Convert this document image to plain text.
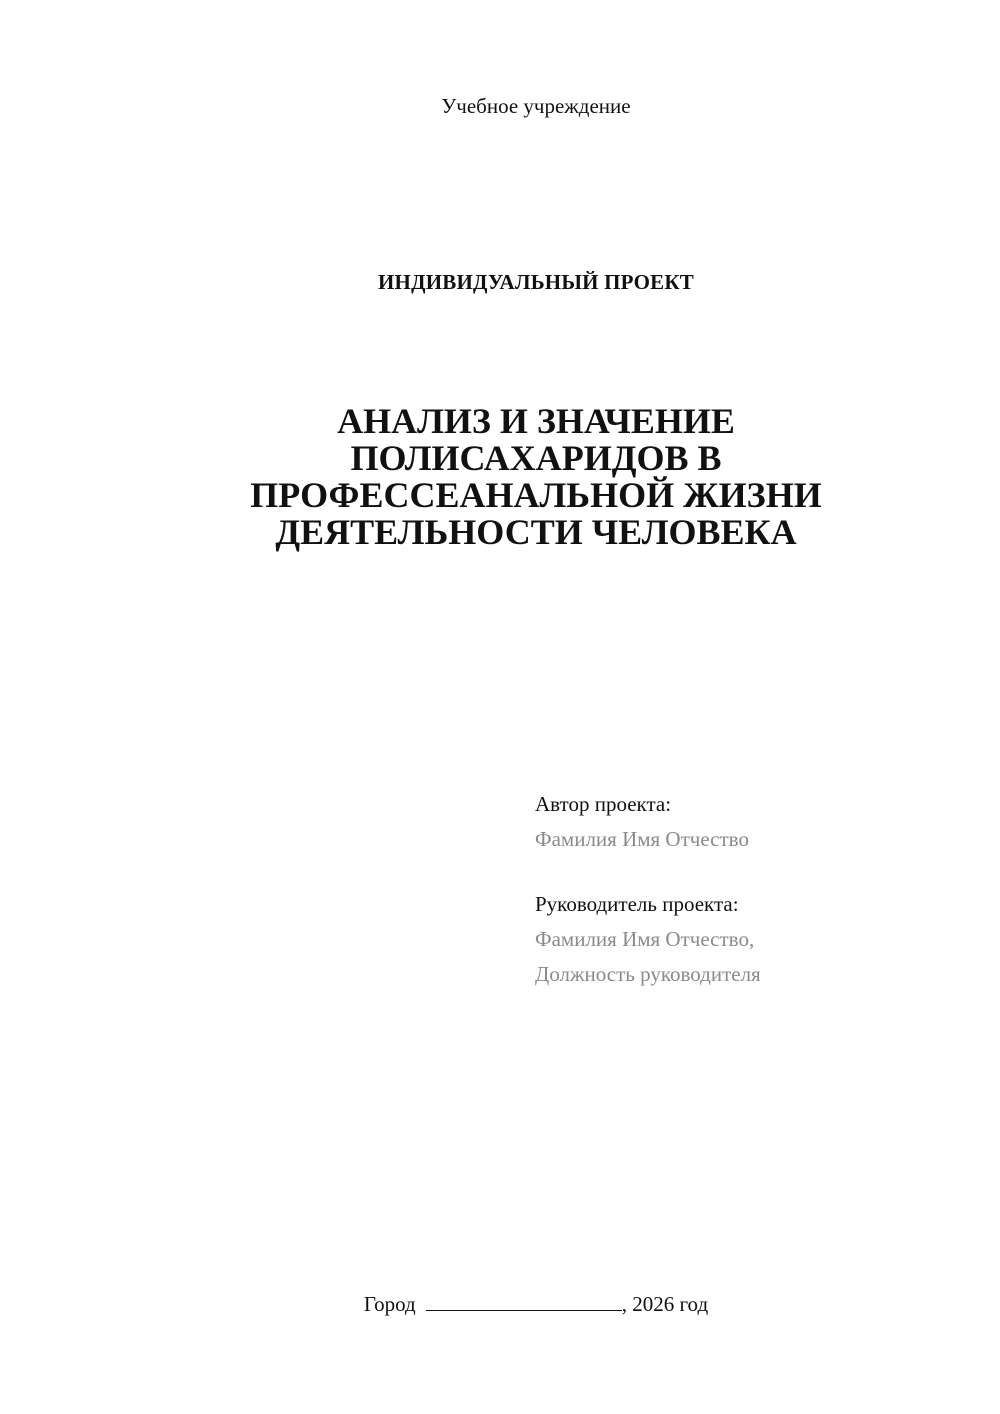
Учебное учреждение
ИНДИВИДУАЛЬНЫЙ ПРОЕКТ
АНАЛИЗ И ЗНАЧЕНИЕ
ПОЛИСАХАРИДОВ В
ПРОФЕССЕАНАЛЬНОЙ ЖИЗНИ
ДЕЯТЕЛЬНОСТИ ЧЕЛОВЕКА
Автор проекта:
Фамилия Имя Отчество
Руководитель проекта:
Фамилия Имя Отчество,
Должность руководителя
Город	, 2026 год
